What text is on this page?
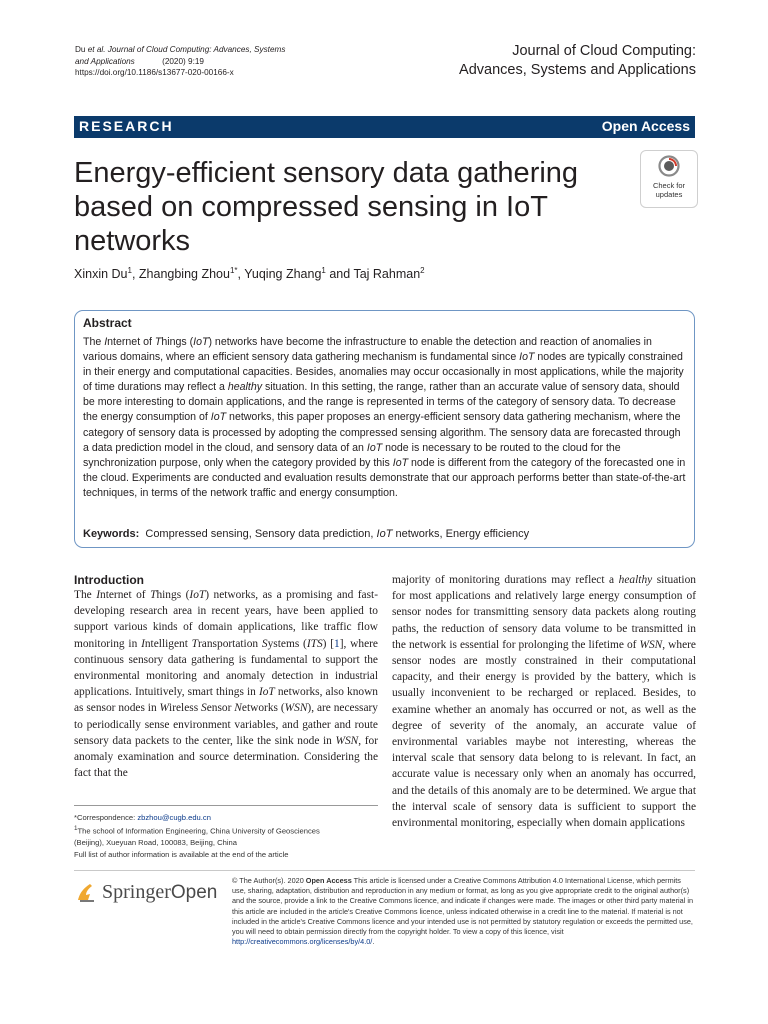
Du et al. Journal of Cloud Computing: Advances, Systems
and Applications	(2020) 9:19
https://doi.org/10.1186/s13677-020-00166-x
Journal of Cloud Computing:
Advances, Systems and Applications
RESEARCH	Open Access
Energy-efficient sensory data gathering based on compressed sensing in IoT networks
Check for
updates
Xinxin Du$^1$, Zhangbing Zhou$^{1*}$, Yuqing Zhang$^1$ and Taj Rahman$^2$
Abstract
The Internet of Things (IoT) networks have become the infrastructure to enable the detection and reaction of anomalies in various domains, where an efficient sensory data gathering mechanism is fundamental since IoT nodes are typically constrained in their energy and computational capacities. Besides, anomalies may occur occasionally in most applications, while the majority of time durations may reflect a healthy situation. In this setting, the range, rather than an accurate value of sensory data, should be more interesting to domain applications, and the range is represented in terms of the category of sensory data. To decrease the energy consumption of IoT networks, this paper proposes an energy-efficient sensory data gathering mechanism, where the category of sensory data is processed by adopting the compressed sensing algorithm. The sensory data are forecasted through a data prediction model in the cloud, and sensory data of an IoT node is necessary to be routed to the cloud for the synchronization purpose, only when the category provided by this IoT node is different from the category of the forecasted one in the cloud. Experiments are conducted and evaluation results demonstrate that our approach performs better than state-of-the-art techniques, in terms of the network traffic and energy consumption.
Keywords: Compressed sensing, Sensory data prediction, IoT networks, Energy efficiency
Introduction
The Internet of Things (IoT) networks, as a promising and fast-developing research area in recent years, have been applied to support various kinds of domain applications, like traffic flow monitoring in Intelligent Transportation Systems (ITS) [1], where continuous sensory data gathering is fundamental to support the environmental monitoring and anomaly detection in industrial applications. Intuitively, smart things in IoT networks, also known as sensor nodes in Wireless Sensor Networks (WSN), are necessary to periodically sense environment variables, and gather and route sensory data packets to the center, like the sink node in WSN, for anomaly examination and source determination. Considering the fact that the
majority of monitoring durations may reflect a healthy situation for most applications and relatively large energy consumption of sensor nodes for transmitting sensory data packets along routing paths, the reduction of sensory data volume to be transmitted in the network is essential for prolonging the lifetime of WSN, where sensor nodes are mostly constrained in their computational capacity, and their energy is provided by the battery, which is usually inconvenient to be recharged or replaced. Besides, to examine whether an anomaly has occurred or not, as well as the degree of severity of the anomaly, an accurate value of environmental variables maybe not interesting, whereas the interval scale that sensory data belong to is relevant. In fact, an accurate value is necessary only when an anomaly has occurred, and the details of this anomaly are to be determined. We argue that the interval scale of sensory data is sufficient to support the environmental monitoring, especially when domain applications
*Correspondence: zbzhou@cugb.edu.cn
$^1$The school of Information Engineering, China University of Geosciences
(Beijing), Xueyuan Road, 100083, Beijing, China
Full list of author information is available at the end of the article
SpringerOpen
© The Author(s). 2020 Open Access This article is licensed under a Creative Commons Attribution 4.0 International License, which permits use, sharing, adaptation, distribution and reproduction in any medium or format, as long as you give appropriate credit to the original author(s) and the source, provide a link to the Creative Commons licence, and indicate if changes were made. The images or other third party material in this article are included in the article's Creative Commons licence, unless indicated otherwise in a credit line to the material. If material is not included in the article's Creative Commons licence and your intended use is not permitted by statutory regulation or exceeds the permitted use, you will need to obtain permission directly from the copyright holder. To view a copy of this licence, visit http://creativecommons.org/licenses/by/4.0/.
